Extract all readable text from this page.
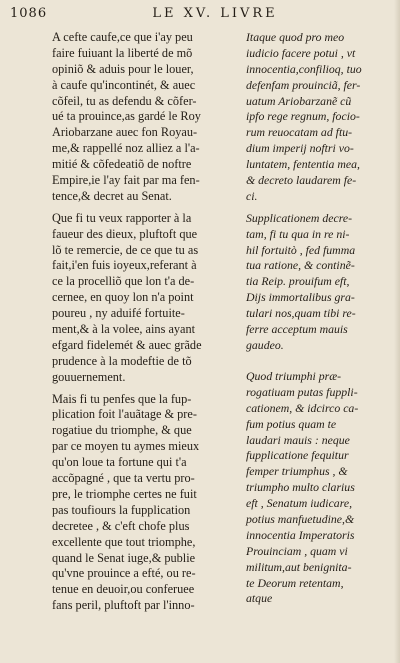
1086	LE XV. LIVRE
A cefte caufe,ce que i'ay peu
faire fuiuant la liberté de mõ
opiniõ & aduis pour le louer,
à caufe qu'incontinét, & auec
cõfeil, tu as defendu & cõfer-
ué ta prouince,as gardé le Roy
Ariobarzane auec fon Royau-
me,& rappellé noz alliez a l'a-
mitié & cõfedeatiõ de noftre
Empire,ie l'ay fait par ma fen-
tence,& decret au Senat.
Que fi tu veux rapporter à la
faueur des dieux, pluftoft que
lõ te remercie, de ce que tu as
fait,i'en fuis ioyeux,referant à
ce la procelliõ que lon t'a de-
cernee, en quoy lon n'a point
poureu , ny aduifé fortuite-
ment,& à la volee, ains ayant
efgard fidelemét & auec grãde
prudence à la modeftie de tõ
gouuernement.
Mais fi tu penfes que la fup-
plication foit l'auãtage & pre-
rogatiue du triomphe, & que
par ce moyen tu aymes mieux
qu'on loue ta fortune qui t'a
accõpagné , que ta vertu pro-
pre, le triomphe certes ne fuit
pas toufiours la fupplication
decretee , & c'eft chofe plus
excellente que tout triomphe,
quand le Senat iuge,& publie
qu'vne prouince a efté, ou re-
tenue en deuoir,ou conferuee
fans peril, pluftoft par l'inno-
Itaque quod pro meo
iudicio facere potui , vt
innocentia,confilioq, tuo
defenfam prouinciã, fer-
uatum Ariobarzanẽ cũ
ipfo rege regnum, focio-
rum reuocatam ad ftu-
dium imperij noftri vo-
luntatem, fententia mea,
& decreto laudarem fe-
ci.
Supplicationem decre-
tam, fi tu qua in re ni-
hil fortuitò , fed fumma
tua ratione, & continẽ-
tia Reip. prouifum eft,
Dijs immortalibus gra-
tulari nos,quam tibi re-
ferre acceptum mauis
gaudeo.
Quod triumphi præ-
rogatiuam putas fuppli-
cationem, & idcirco ca-
fum potius quam te
laudari mauis : neque
fupplicatione fequitur
femper triumphus , &
triumpho multo clarius
eft , Senatum iudicare,
potius manfuetudine,&
innocentia Imperatoris
Prouinciam , quam vi
militum,aut benignita-
te Deorum retentam,
atque
